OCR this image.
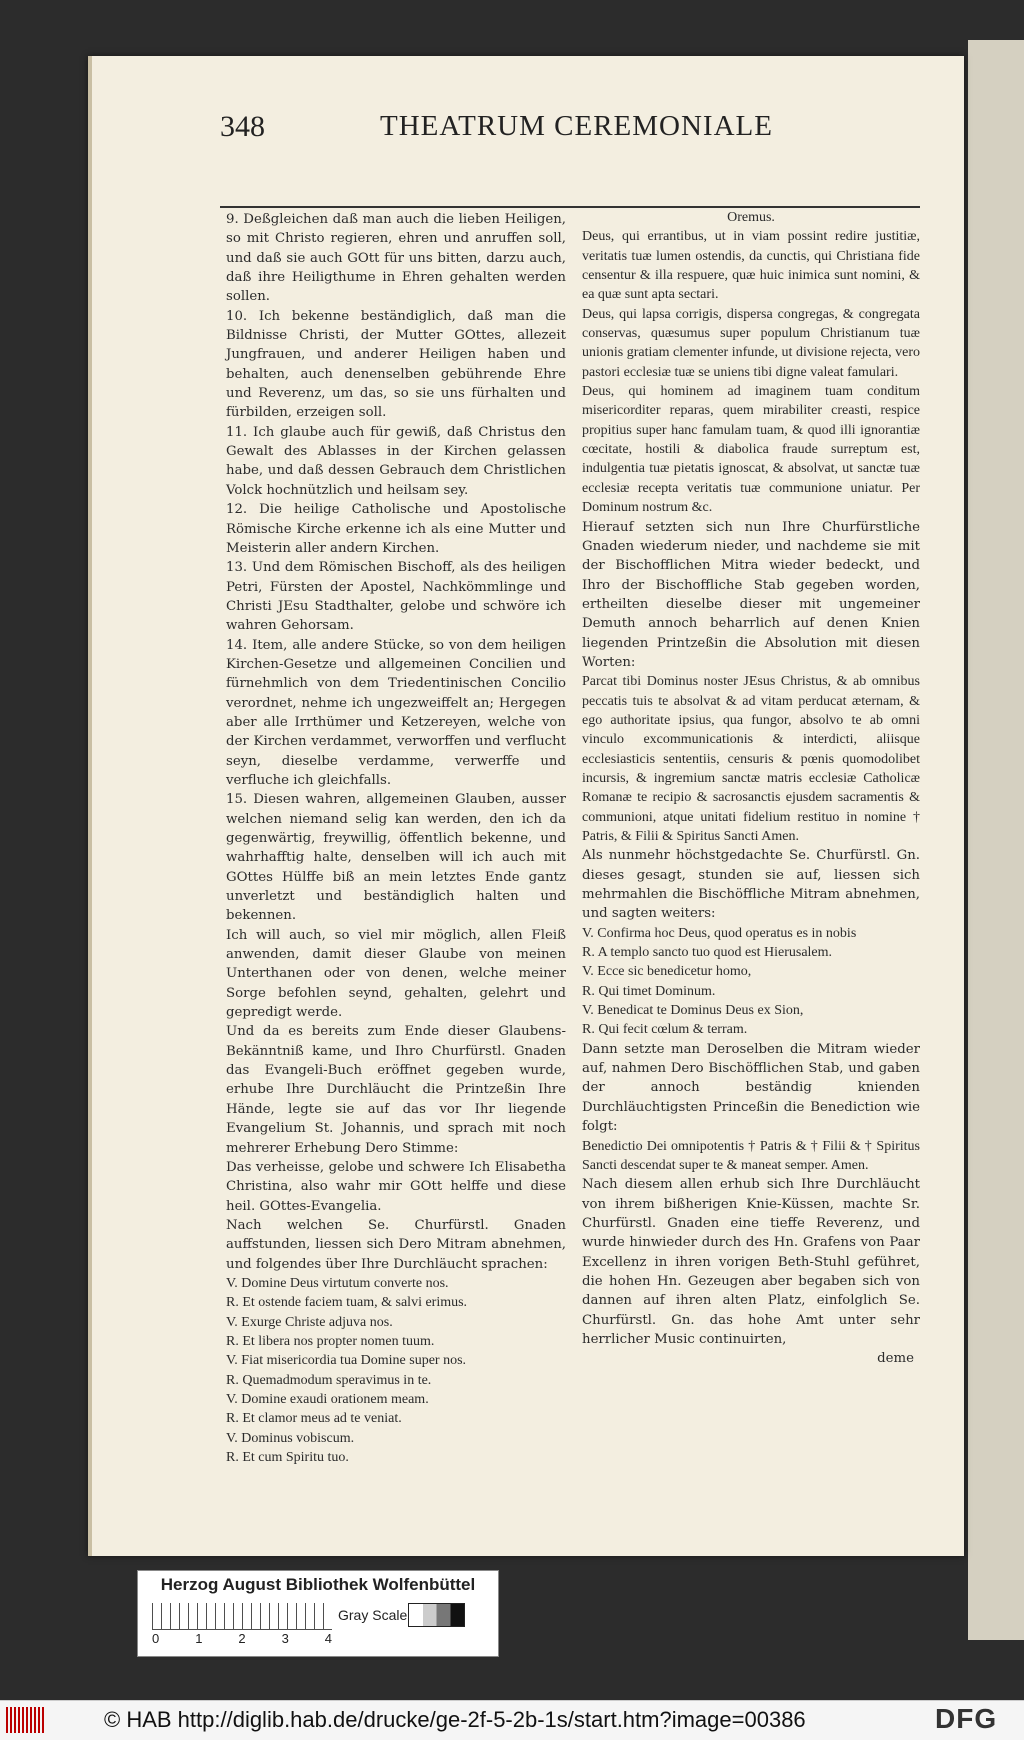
348	THEATRUM CEREMONIALE

9. Deßgleichen daß man auch die lieben Heiligen, so mit Christo regieren, ehren und anruffen soll, und daß sie auch GOtt für uns bitten, darzu auch, daß ihre Heiligthume in Ehren gehalten werden sollen.

10. Ich bekenne beständiglich, daß man die Bildnisse Christi, der Mutter GOttes, allezeit Jungfrauen, und anderer Heiligen haben und behalten, auch denenselben gebührende Ehre und Reverenz, um das, so sie uns fürhalten und fürbilden, erzeigen soll.

11. Ich glaube auch für gewiß, daß Christus den Gewalt des Ablasses in der Kirchen gelassen habe, und daß dessen Gebrauch dem Christlichen Volck hochnützlich und heilsam sey.

12. Die heilige Catholische und Apostolische Römische Kirche erkenne ich als eine Mutter und Meisterin aller andern Kirchen.

13. Und dem Römischen Bischoff, als des heiligen Petri, Fürsten der Apostel, Nachkömmlinge und Christi JEsu Stadthalter, gelobe und schwöre ich wahren Gehorsam.

14. Item, alle andere Stücke, so von dem heiligen Kirchen-Gesetze und allgemeinen Concilien und fürnehmlich von dem Triedentinischen Concilio verordnet, nehme ich ungezweiffelt an; Hergegen aber alle Irrthümer und Ketzereyen, welche von der Kirchen verdammet, verworffen und verflucht seyn, dieselbe verdamme, verwerffe und verfluche ich gleichfalls.

15. Diesen wahren, allgemeinen Glauben, ausser welchen niemand selig kan werden, den ich da gegenwärtig, freywillig, öffentlich bekenne, und wahrhafftig halte, denselben will ich auch mit GOttes Hülffe biß an mein letztes Ende gantz unverletzt und beständiglich halten und bekennen.

Ich will auch, so viel mir möglich, allen Fleiß anwenden, damit dieser Glaube von meinen Unterthanen oder von denen, welche meiner Sorge befohlen seynd, gehalten, gelehrt und gepredigt werde.

Und da es bereits zum Ende dieser Glaubens-Bekänntniß kame, und Ihro Churfürstl. Gnaden das Evangeli-Buch eröffnet gegeben wurde, erhube Ihre Durchläucht die Printzeßin Ihre Hände, legte sie auf das vor Ihr liegende Evangelium St. Johannis, und sprach mit noch mehrerer Erhebung Dero Stimme:

Das verheisse, gelobe und schwere Ich Elisabetha Christina, also wahr mir GOtt helffe und diese heil. GOttes-Evangelia.

Nach welchen Se. Churfürstl. Gnaden auffstunden, liessen sich Dero Mitram abnehmen, und folgendes über Ihre Durchläucht sprachen:

V. Domine Deus virtutum converte nos.

R. Et ostende faciem tuam, & salvi erimus.

V. Exurge Christe adjuva nos.

R. Et libera nos propter nomen tuum.

V. Fiat misericordia tua Domine super nos.

R. Quemadmodum speravimus in te.

V. Domine exaudi orationem meam.

R. Et clamor meus ad te veniat.

V. Dominus vobiscum.

R. Et cum Spiritu tuo.

Oremus.

Deus, qui errantibus, ut in viam possint redire justitiæ, veritatis tuæ lumen ostendis, da cunctis, qui Christiana fide censentur & illa respuere, quæ huic inimica sunt nomini, & ea quæ sunt apta sectari.

Deus, qui lapsa corrigis, dispersa congregas, & congregata conservas, quæsumus super populum Christianum tuæ unionis gratiam clementer infunde, ut divisione rejecta, vero pastori ecclesiæ tuæ se uniens tibi digne valeat famulari.

Deus, qui hominem ad imaginem tuam conditum misericorditer reparas, quem mirabiliter creasti, respice propitius super hanc famulam tuam, & quod illi ignorantiæ cœcitate, hostili & diabolica fraude surreptum est, indulgentia tuæ pietatis ignoscat, & absolvat, ut sanctæ tuæ ecclesiæ recepta veritatis tuæ communione uniatur. Per Dominum nostrum &c.

Hierauf setzten sich nun Ihre Churfürstliche Gnaden wiederum nieder, und nachdeme sie mit der Bischofflichen Mitra wieder bedeckt, und Ihro der Bischoffliche Stab gegeben worden, ertheilten dieselbe dieser mit ungemeiner Demuth annoch beharrlich auf denen Knien liegenden Printzeßin die Absolution mit diesen Worten:

Parcat tibi Dominus noster JEsus Christus, & ab omnibus peccatis tuis te absolvat & ad vitam perducat æternam, & ego authoritate ipsius, qua fungor, absolvo te ab omni vinculo excommunicationis & interdicti, aliisque ecclesiasticis sententiis, censuris & pœnis quomodolibet incursis, & ingremium sanctæ matris ecclesiæ Catholicæ Romanæ te recipio & sacrosanctis ejusdem sacramentis & communioni, atque unitati fidelium restituo in nomine † Patris, & Filii & Spiritus Sancti Amen.

Als nunmehr höchstgedachte Se. Churfürstl. Gn. dieses gesagt, stunden sie auf, liessen sich mehrmahlen die Bischöffliche Mitram abnehmen, und sagten weiters:

V. Confirma hoc Deus, quod operatus es in nobis

R. A templo sancto tuo quod est Hierusalem.

V. Ecce sic benedicetur homo,

R. Qui timet Dominum.

V. Benedicat te Dominus Deus ex Sion,

R. Qui fecit cœlum & terram.

Dann setzte man Deroselben die Mitram wieder auf, nahmen Dero Bischöfflichen Stab, und gaben der annoch beständig knienden Durchläuchtigsten Princeßin die Benediction wie folgt:

Benedictio Dei omnipotentis † Patris & † Filii & † Spiritus Sancti descendat super te & maneat semper. Amen.

Nach diesem allen erhub sich Ihre Durchläucht von ihrem bißherigen Knie-Küssen, machte Sr. Churfürstl. Gnaden eine tieffe Reverenz, und wurde hinwieder durch des Hn. Grafens von Paar Excellenz in ihren vorigen Beth-Stuhl geführet, die hohen Hn. Gezeugen aber begaben sich von dannen auf ihren alten Platz, einfolglich Se. Churfürstl. Gn. das hohe Amt unter sehr herrlicher Music continuirten,

deme

Herzog August Bibliothek Wolfenbüttel
Gray Scale
0	1	2	3	4
© HAB http://diglib.hab.de/drucke/ge-2f-5-2b-1s/start.htm?image=00386	DFG
